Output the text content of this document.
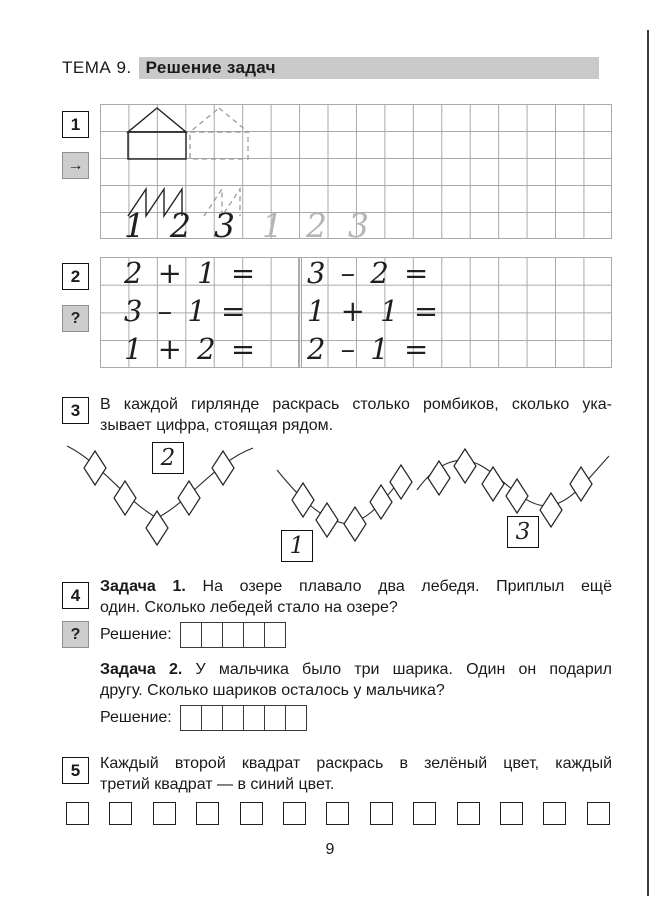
ТЕМА 9. Решение задач
1
→
1 2 3 1 2 3
2
?
2 + 1 =
3 – 1 =
1 + 2 =
3 – 2 =
1 + 1 =
2 – 1 =
3	В каждой гирлянде раскрась столько ромбиков, сколько ука-
зывает цифра, стоящая рядом.
2
1
3
4
?
Задача 1. На озере плавало два лебедя. Приплыл ещё
один. Сколько лебедей стало на озере?
Решение:
Задача 2. У мальчика было три шарика. Один он подарил
другу. Сколько шариков осталось у мальчика?
Решение:
5	Каждый второй квадрат раскрась в зелёный цвет, каждый
третий квадрат — в синий цвет.
9
